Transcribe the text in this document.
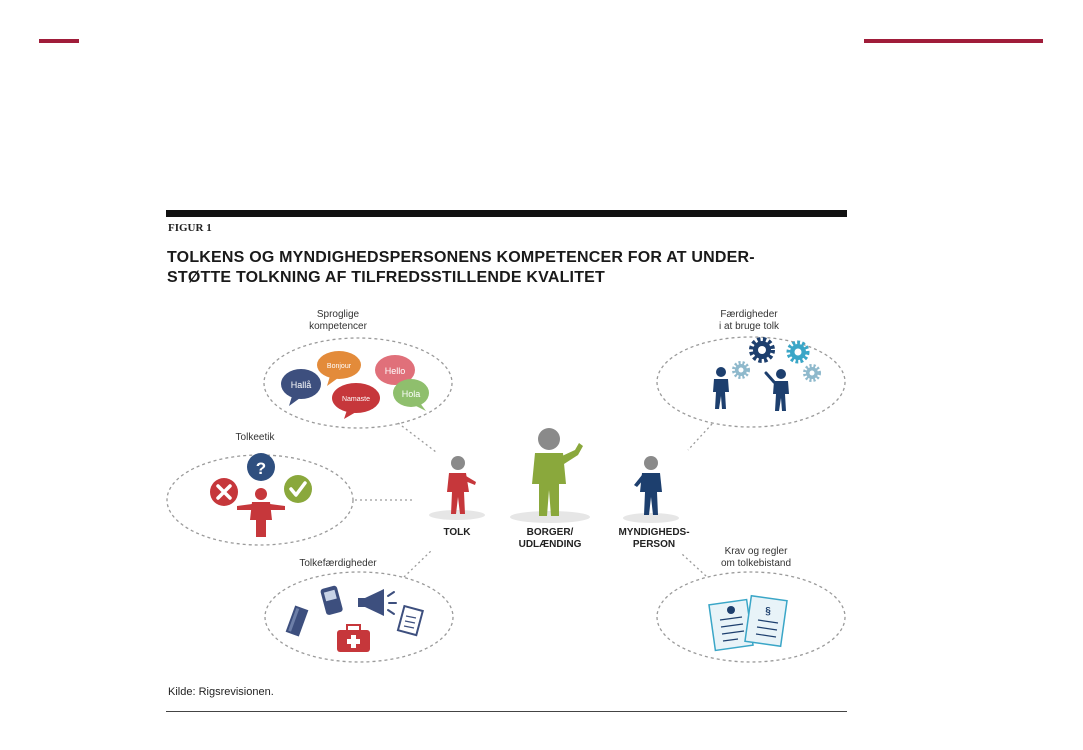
FIGUR 1
TOLKENS OG MYNDIGHEDSPERSONENS KOMPETENCER FOR AT UNDER-
STØTTE TOLKNING AF TILFREDSSTILLENDE KVALITET
Bonjour	Hello
Hallå
Hola
Namaste
?
§
Sproglige
kompetencer
Tolkeetik
Tolkefærdigheder
Færdigheder
i at bruge tolk
Krav og regler
om tolkebistand
TOLK	BORGER/
UDLÆNDING
MYNDIGHEDS-
PERSON
Kilde: Rigsrevisionen.
